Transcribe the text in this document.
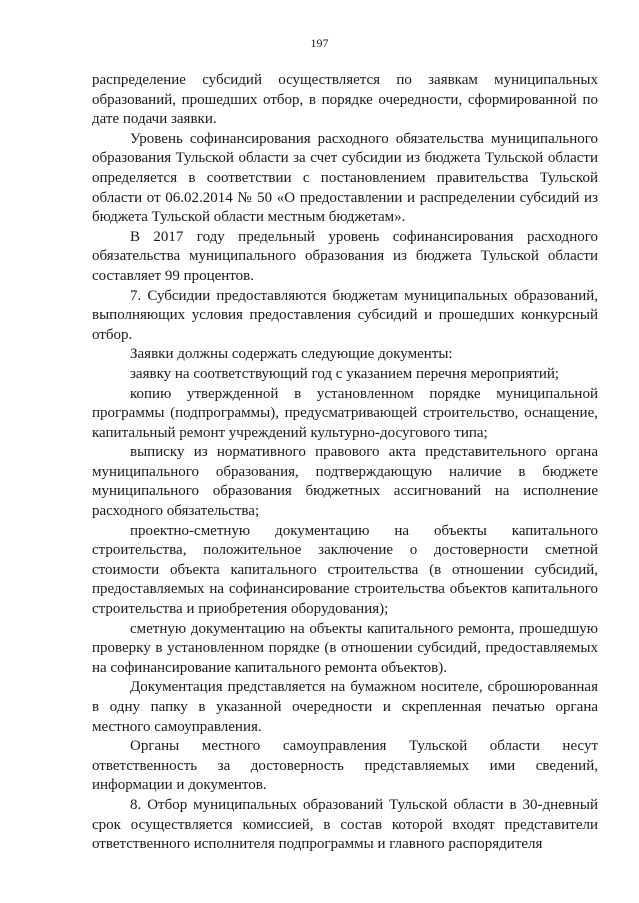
197

распределение субсидий осуществляется по заявкам муниципальных образований, прошедших отбор, в порядке очередности, сформированной по дате подачи заявки.

Уровень софинансирования расходного обязательства муниципального образования Тульской области за счет субсидии из бюджета Тульской области определяется в соответствии с постановлением правительства Тульской области от 06.02.2014 № 50 «О предоставлении и распределении субсидий из бюджета Тульской области местным бюджетам».

В 2017 году предельный уровень софинансирования расходного обязательства муниципального образования из бюджета Тульской области составляет 99 процентов.

7. Субсидии предоставляются бюджетам муниципальных образований, выполняющих условия предоставления субсидий и прошедших конкурсный отбор.

Заявки должны содержать следующие документы:

заявку на соответствующий год с указанием перечня мероприятий;

копию утвержденной в установленном порядке муниципальной программы (подпрограммы), предусматривающей строительство, оснащение, капитальный ремонт учреждений культурно-досугового типа;

выписку из нормативного правового акта представительного органа муниципального образования, подтверждающую наличие в бюджете муниципального образования бюджетных ассигнований на исполнение расходного обязательства;

проектно-сметную документацию на объекты капитального строительства, положительное заключение о достоверности сметной стоимости объекта капитального строительства (в отношении субсидий, предоставляемых на софинансирование строительства объектов капитального строительства и приобретения оборудования);

сметную документацию на объекты капитального ремонта, прошедшую проверку в установленном порядке (в отношении субсидий, предоставляемых на софинансирование капитального ремонта объектов).

Документация представляется на бумажном носителе, сброшюрованная в одну папку в указанной очередности и скрепленная печатью органа местного самоуправления.

Органы местного самоуправления Тульской области несут ответственность за достоверность представляемых ими сведений, информации и документов.

8. Отбор муниципальных образований Тульской области в 30-дневный срок осуществляется комиссией, в состав которой входят представители ответственного исполнителя подпрограммы и главного распорядителя
